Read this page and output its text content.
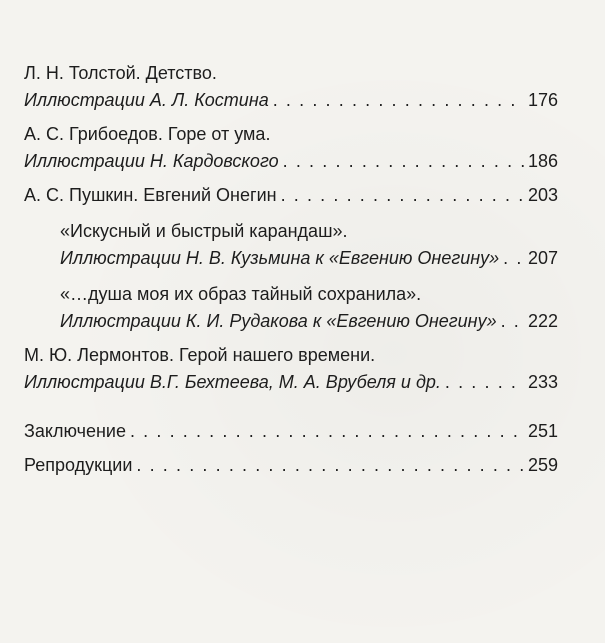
Л. Н. Толстой. Детство.
Иллюстрации А. Л. Костина . . .	176
А. С. Грибоедов. Горе от ума.
Иллюстрации Н. Кардовского . . .	186
А. С. Пушкин. Евгений Онегин . . .	203
«Искусный и быстрый карандаш».
Иллюстрации Н. В. Кузьмина к «Евгению Онегину» . . . 207
«…душа моя их образ тайный сохранила».
Иллюстрации К. И. Рудакова к «Евгению Онегину» . . . 222
М. Ю. Лермонтов. Герой нашего времени.
Иллюстрации В.Г. Бехтеева, М. А. Врубеля и др. . . .	233
Заключение . . .	251
Репродукции . . .	259
